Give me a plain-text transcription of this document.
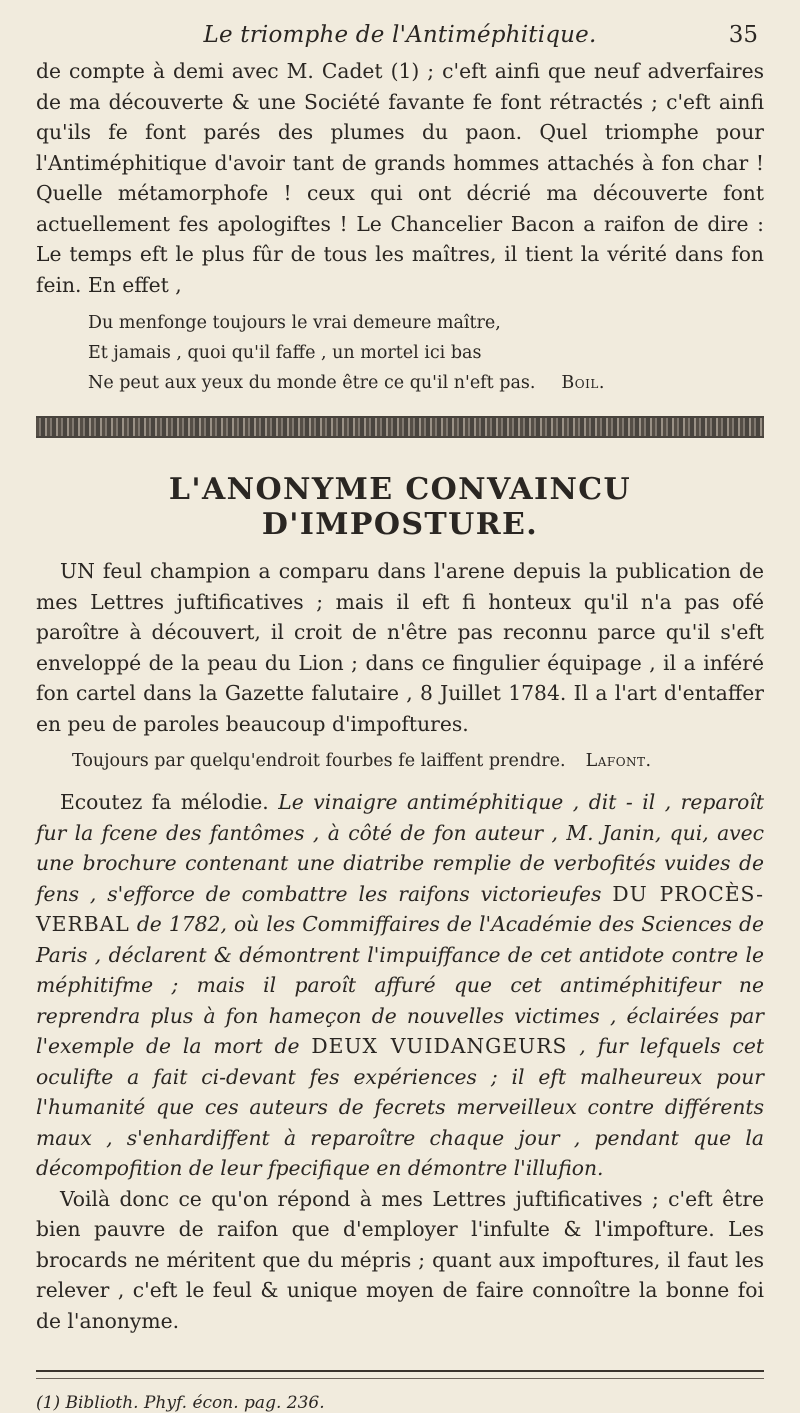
Le triomphe de l'Antiméphitique.	35

de compte à demi avec M. Cadet (1) ; c'eft ainfi que neuf adverfaires de ma découverte & une Société favante fe font rétractés ; c'eft ainfi qu'ils fe font parés des plumes du paon. Quel triomphe pour l'Antiméphitique d'avoir tant de grands hommes attachés à fon char ! Quelle métamorphofe ! ceux qui ont décrié ma découverte font actuellement fes apologiftes ! Le Chancelier Bacon a raifon de dire : Le temps eft le plus fûr de tous les maîtres, il tient la vérité dans fon fein. En effet ,

Du menfonge toujours le vrai demeure maître,
Et jamais , quoi qu'il faffe , un mortel ici bas
Ne peut aux yeux du monde être ce qu'il n'eft pas. Boil.
L'ANONYME CONVAINCU D'IMPOSTURE.

UN feul champion a comparu dans l'arene depuis la publication de mes Lettres juftificatives ; mais il eft fi honteux qu'il n'a pas ofé paroître à découvert, il croit de n'être pas reconnu parce qu'il s'eft enveloppé de la peau du Lion ; dans ce fingulier équipage , il a inféré fon cartel dans la Gazette falutaire , 8 Juillet 1784. Il a l'art d'entaffer en peu de paroles beaucoup d'impoftures.

Toujours par quelqu'endroit fourbes fe laiffent prendre. Lafont.

Ecoutez fa mélodie. Le vinaigre antiméphitique , dit - il , reparoît fur la fcene des fantômes , à côté de fon auteur , M. Janin, qui, avec une brochure contenant une diatribe remplie de verbofités vuides de fens , s'efforce de combattre les raifons victorieufes DU PROCÈS-VERBAL de 1782, où les Commiffaires de l'Académie des Sciences de Paris , déclarent & démontrent l'impuiffance de cet antidote contre le méphitifme ; mais il paroît affuré que cet antiméphitifeur ne reprendra plus à fon hameçon de nouvelles victimes , éclairées par l'exemple de la mort de DEUX VUIDANGEURS , fur lefquels cet oculifte a fait ci-devant fes expériences ; il eft malheureux pour l'humanité que ces auteurs de fecrets merveilleux contre différents maux , s'enhardiffent à reparoître chaque jour , pendant que la décompofition de leur fpecifique en démontre l'illufion.

Voilà donc ce qu'on répond à mes Lettres juftificatives ; c'eft être bien pauvre de raifon que d'employer l'infulte & l'impofture. Les brocards ne méritent que du mépris ; quant aux impoftures, il faut les relever , c'eft le feul & unique moyen de faire connoître la bonne foi de l'anonyme.

(1) Biblioth. Phyf. écon. pag. 236.
